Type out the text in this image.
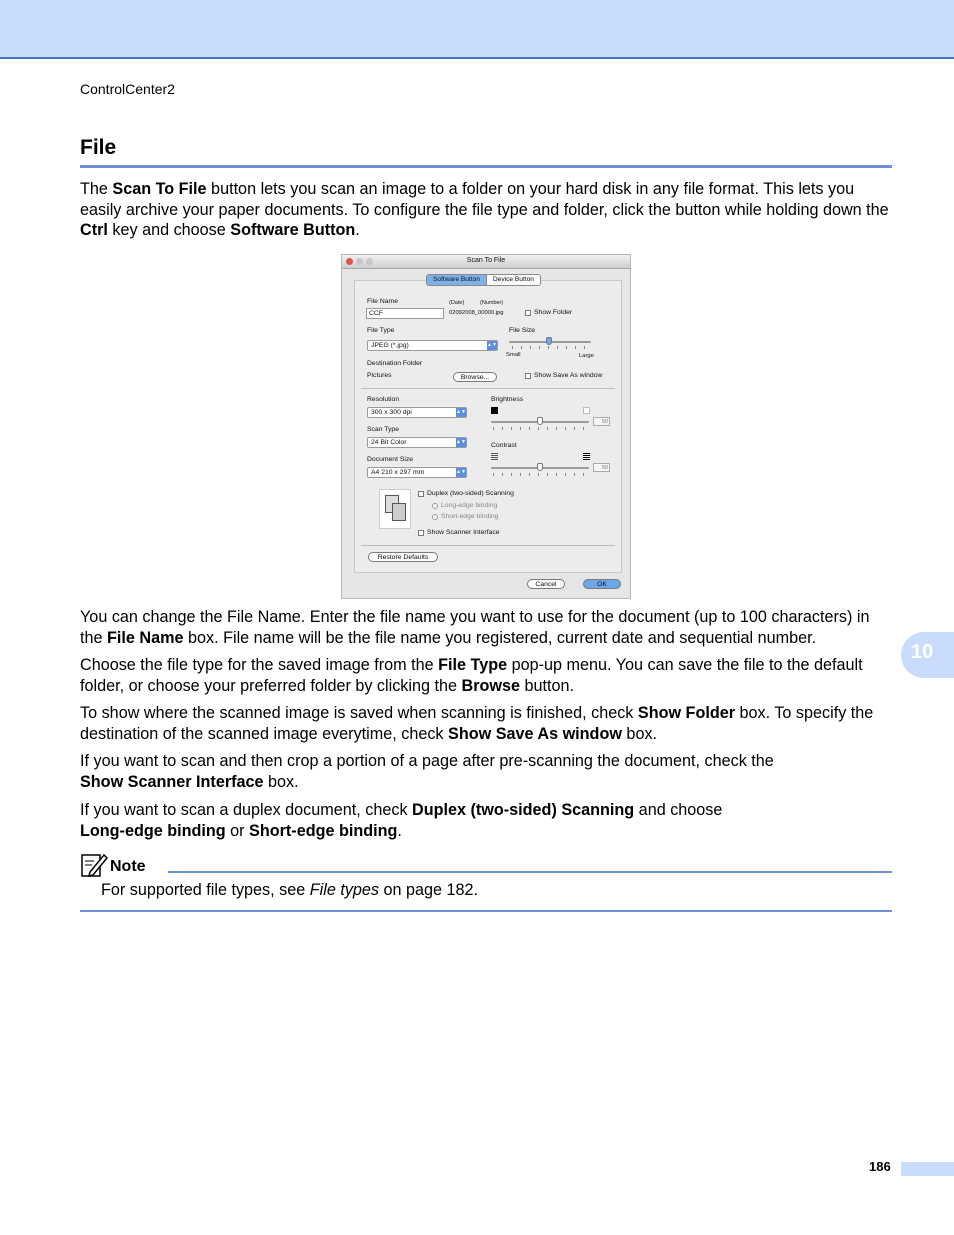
ControlCenter2
File
The Scan To File button lets you scan an image to a folder on your hard disk in any file format. This lets you easily archive your paper documents. To configure the file type and folder, click the button while holding down the Ctrl key and choose Software Button.
Scan To File
File Name	(Date)	(Number)
CCF	02092008_00000.jpg	Show Folder
File Type
JPEG (*.jpg)	▲▼
File Size
Small	Large
Destination Folder
Pictures	Browse...	Show Save As window
Resolution
300 x 300 dpi	▲▼
Brightness
50
Scan Type
24 Bit Color	▲▼	Contrast
50
Document Size
A4 210 x 297 mm	▲▼
Duplex (two-sided) Scanning
Long-edge binding
Short-edge binding
Show Scanner Interface
Restore Defaults
Software Button	Device Button
Cancel	OK
You can change the File Name. Enter the file name you want to use for the document (up to 100 characters) in the File Name box. File name will be the file name you registered, current date and sequential number.
10
Choose the file type for the saved image from the File Type pop-up menu. You can save the file to the default folder, or choose your preferred folder by clicking the Browse button.
To show where the scanned image is saved when scanning is finished, check Show Folder box. To specify the destination of the scanned image everytime, check Show Save As window box.
If you want to scan and then crop a portion of a page after pre-scanning the document, check the
Show Scanner Interface box.
If you want to scan a duplex document, check Duplex (two-sided) Scanning and choose
Long-edge binding or Short-edge binding.
Note
For supported file types, see File types on page 182.
186
